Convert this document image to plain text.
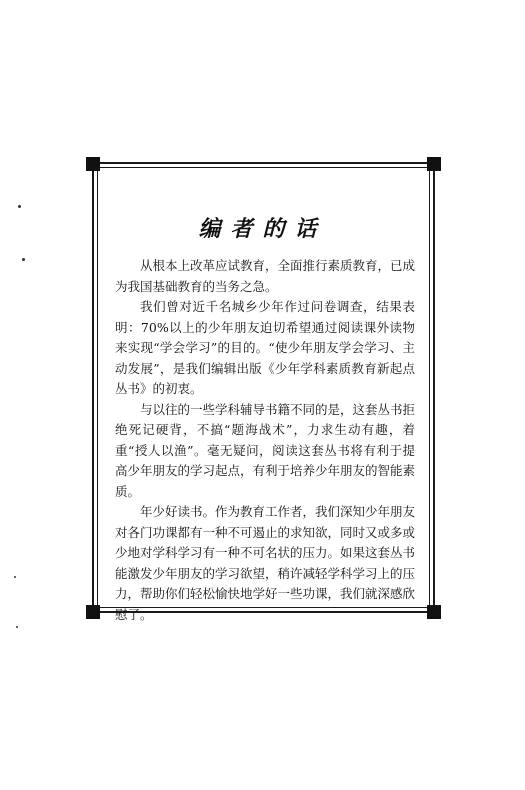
编者的话

从根本上改革应试教育，全面推行素质教育，已成为我国基础教育的当务之急。

我们曾对近千名城乡少年作过问卷调查，结果表明：70%以上的少年朋友迫切希望通过阅读课外读物来实现“学会学习”的目的。“使少年朋友学会学习、主动发展”，是我们编辑出版《少年学科素质教育新起点丛书》的初衷。

与以往的一些学科辅导书籍不同的是，这套丛书拒绝死记硬背，不搞“题海战术”，力求生动有趣，着重“授人以渔”。毫无疑问，阅读这套丛书将有利于提高少年朋友的学习起点，有利于培养少年朋友的智能素质。

年少好读书。作为教育工作者，我们深知少年朋友对各门功课都有一种不可遏止的求知欲，同时又或多或少地对学科学习有一种不可名状的压力。如果这套丛书能激发少年朋友的学习欲望，稍许减轻学科学习上的压力，帮助你们轻松愉快地学好一些功课，我们就深感欣慰了。
